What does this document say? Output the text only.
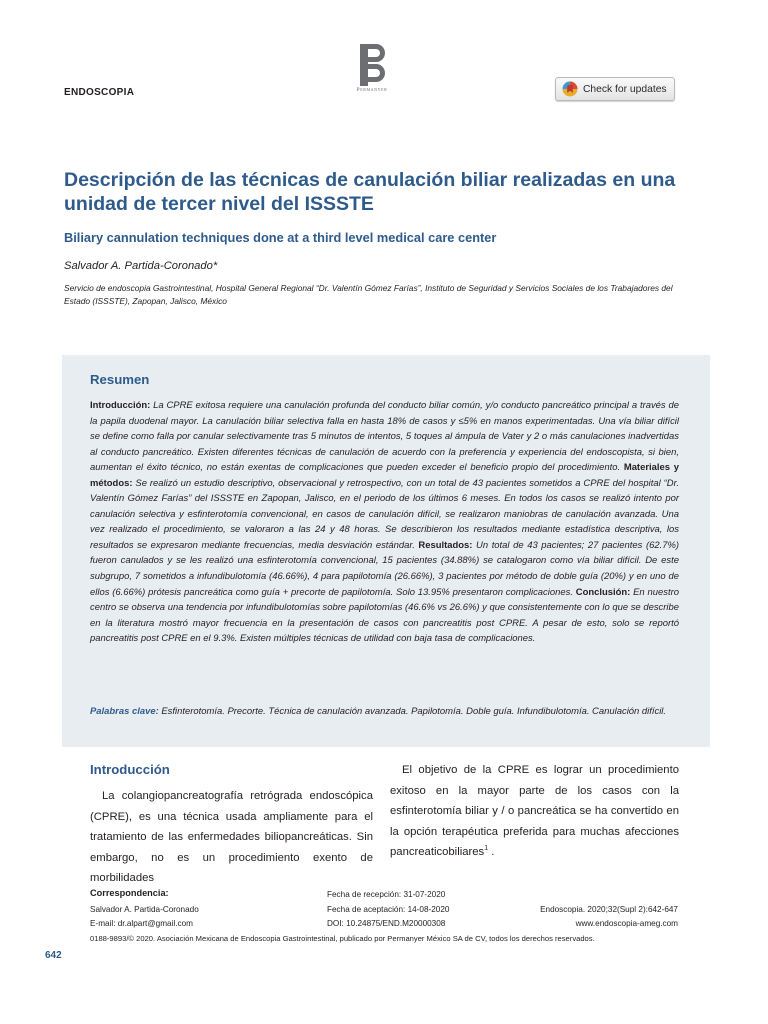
ENDOSCOPIA	Permanyer	Check for updates
Descripción de las técnicas de canulación biliar realizadas en una unidad de tercer nivel del ISSSTE
Biliary cannulation techniques done at a third level medical care center
Salvador A. Partida-Coronado*
Servicio de endoscopia Gastrointestinal, Hospital General Regional “Dr. Valentín Gómez Farías”, Instituto de Seguridad y Servicios Sociales de los Trabajadores del Estado (ISSSTE), Zapopan, Jalisco, México
Resumen
Introducción: La CPRE exitosa requiere una canulación profunda del conducto biliar común, y/o conducto pancreático principal a través de la papila duodenal mayor. La canulación biliar selectiva falla en hasta 18% de casos y ≤5% en manos experimentadas. Una vía biliar difícil se define como falla por canular selectivamente tras 5 minutos de intentos, 5 toques al ámpula de Vater y 2 o más canulaciones inadvertidas al conducto pancreático. Existen diferentes técnicas de canulación de acuerdo con la preferencia y experiencia del endoscopista, si bien, aumentan el éxito técnico, no están exentas de complicaciones que pueden exceder el beneficio propio del procedimiento. Materiales y métodos: Se realizó un estudio descriptivo, observacional y retrospectivo, con un total de 43 pacientes sometidos a CPRE del hospital “Dr. Valentín Gómez Farías” del ISSSTE en Zapopan, Jalisco, en el periodo de los últimos 6 meses. En todos los casos se realizó intento por canulación selectiva y esfinterotomía convencional, en casos de canulación difícil, se realizaron maniobras de canulación avanzada. Una vez realizado el procedimiento, se valoraron a las 24 y 48 horas. Se describieron los resultados mediante estadística descriptiva, los resultados se expresaron mediante frecuencias, media desviación estándar. Resultados: Un total de 43 pacientes; 27 pacientes (62.7%) fueron canulados y se les realizó una esfinterotomía convencional, 15 pacientes (34.88%) se catalogaron como vía biliar difícil. De este subgrupo, 7 sometidos a infundibulotomía (46.66%), 4 para papilotomía (26.66%), 3 pacientes por método de doble guía (20%) y en uno de ellos (6.66%) prótesis pancreática como guía + precorte de papilotomía. Solo 13.95% presentaron complicaciones. Conclusión: En nuestro centro se observa una tendencia por infundibulotomías sobre papilotomías (46.6% vs 26.6%) y que consistentemente con lo que se describe en la literatura mostró mayor frecuencia en la presentación de casos con pancreatitis post CPRE. A pesar de esto, solo se reportó pancreatitis post CPRE en el 9.3%. Existen múltiples técnicas de utilidad con baja tasa de complicaciones.
Palabras clave: Esfinterotomía. Precorte. Técnica de canulación avanzada. Papilotomía. Doble guía. Infundibulotomía. Canulación difícil.
Introducción
La colangiopancreatografía retrógrada endoscópica (CPRE), es una técnica usada ampliamente para el tratamiento de las enfermedades biliopancreáticas. Sin embargo, no es un procedimiento exento de morbilidades
El objetivo de la CPRE es lograr un procedimiento exitoso en la mayor parte de los casos con la esfinterotomía biliar y / o pancreática se ha convertido en la opción terapéutica preferida para muchas afecciones pancreaticobiliares$^1$ .
Correspondencia:
Salvador A. Partida-Coronado
E-mail: dr.alpart@gmail.com
Fecha de recepción: 31-07-2020
Fecha de aceptación: 14-08-2020
DOI: 10.24875/END.M20000308
Endoscopia. 2020;32(Supl 2):642-647
www.endoscopia-ameg.com
0188-9893/© 2020. Asociación Mexicana de Endoscopia Gastrointestinal, publicado por Permanyer México SA de CV, todos los derechos reservados.
642
